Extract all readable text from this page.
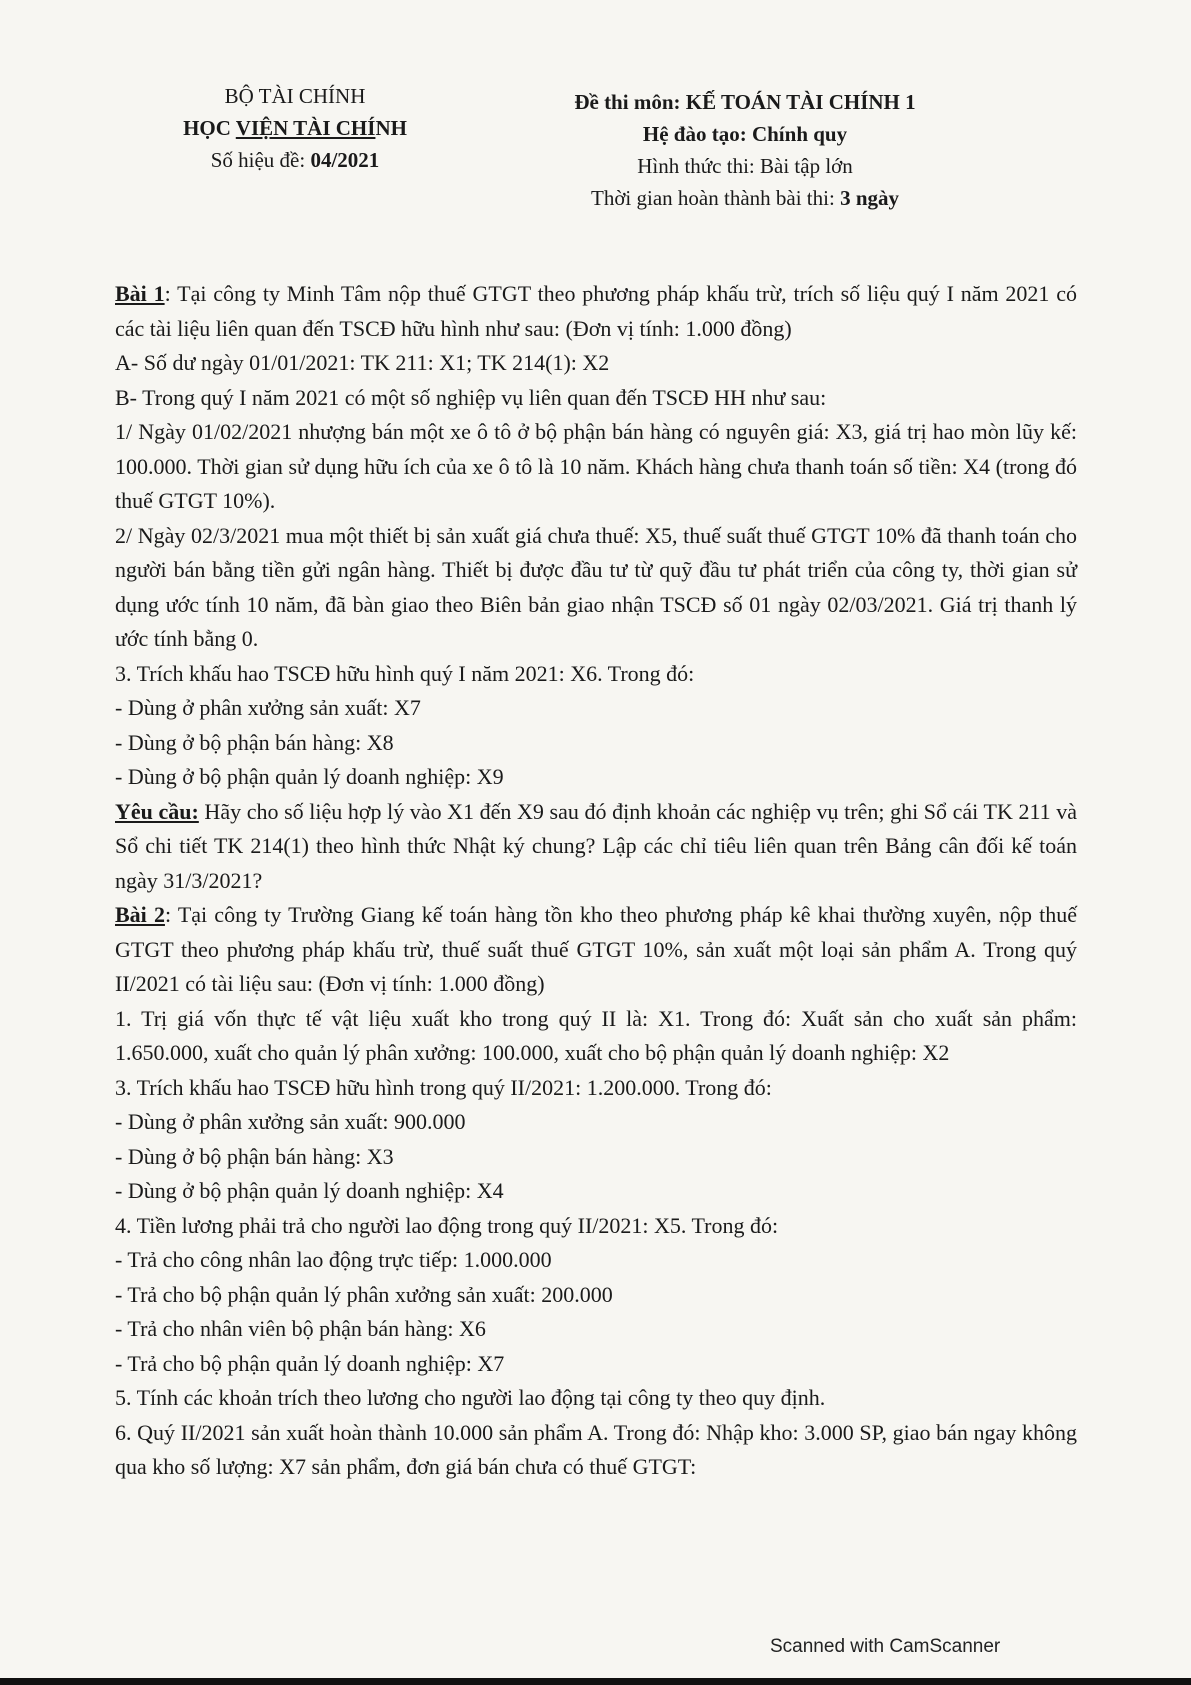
BỘ TÀI CHÍNH
HỌC VIỆN TÀI CHÍNH
Số hiệu đề: 04/2021
Đề thi môn: KẾ TOÁN TÀI CHÍNH 1
Hệ đào tạo: Chính quy
Hình thức thi: Bài tập lớn
Thời gian hoàn thành bài thi: 3 ngày

Bài 1: Tại công ty Minh Tâm nộp thuế GTGT theo phương pháp khấu trừ, trích số liệu quý I năm 2021 có các tài liệu liên quan đến TSCĐ hữu hình như sau: (Đơn vị tính: 1.000 đồng)

A- Số dư ngày 01/01/2021: TK 211: X1; TK 214(1): X2

B- Trong quý I năm 2021 có một số nghiệp vụ liên quan đến TSCĐ HH như sau:

1/ Ngày 01/02/2021 nhượng bán một xe ô tô ở bộ phận bán hàng có nguyên giá: X3, giá trị hao mòn lũy kế: 100.000. Thời gian sử dụng hữu ích của xe ô tô là 10 năm. Khách hàng chưa thanh toán số tiền: X4 (trong đó thuế GTGT 10%).

2/ Ngày 02/3/2021 mua một thiết bị sản xuất giá chưa thuế: X5, thuế suất thuế GTGT 10% đã thanh toán cho người bán bằng tiền gửi ngân hàng. Thiết bị được đầu tư từ quỹ đầu tư phát triển của công ty, thời gian sử dụng ước tính 10 năm, đã bàn giao theo Biên bản giao nhận TSCĐ số 01 ngày 02/03/2021. Giá trị thanh lý ước tính bằng 0.

3. Trích khấu hao TSCĐ hữu hình quý I năm 2021: X6. Trong đó:

- Dùng ở phân xưởng sản xuất: X7

- Dùng ở bộ phận bán hàng: X8

- Dùng ở bộ phận quản lý doanh nghiệp: X9

Yêu cầu: Hãy cho số liệu hợp lý vào X1 đến X9 sau đó định khoản các nghiệp vụ trên; ghi Sổ cái TK 211 và Sổ chi tiết TK 214(1) theo hình thức Nhật ký chung? Lập các chỉ tiêu liên quan trên Bảng cân đối kế toán ngày 31/3/2021?

Bài 2: Tại công ty Trường Giang kế toán hàng tồn kho theo phương pháp kê khai thường xuyên, nộp thuế GTGT theo phương pháp khấu trừ, thuế suất thuế GTGT 10%, sản xuất một loại sản phẩm A. Trong quý II/2021 có tài liệu sau: (Đơn vị tính: 1.000 đồng)

1. Trị giá vốn thực tế vật liệu xuất kho trong quý II là: X1. Trong đó: Xuất sản cho xuất sản phẩm: 1.650.000, xuất cho quản lý phân xưởng: 100.000, xuất cho bộ phận quản lý doanh nghiệp: X2

3. Trích khấu hao TSCĐ hữu hình trong quý II/2021: 1.200.000. Trong đó:

- Dùng ở phân xưởng sản xuất: 900.000

- Dùng ở bộ phận bán hàng: X3

- Dùng ở bộ phận quản lý doanh nghiệp: X4

4. Tiền lương phải trả cho người lao động trong quý II/2021: X5. Trong đó:

- Trả cho công nhân lao động trực tiếp: 1.000.000

- Trả cho bộ phận quản lý phân xưởng sản xuất: 200.000

- Trả cho nhân viên bộ phận bán hàng: X6

- Trả cho bộ phận quản lý doanh nghiệp: X7

5. Tính các khoản trích theo lương cho người lao động tại công ty theo quy định.

6. Quý II/2021 sản xuất hoàn thành 10.000 sản phẩm A. Trong đó: Nhập kho: 3.000 SP, giao bán ngay không qua kho số lượng: X7 sản phẩm, đơn giá bán chưa có thuế GTGT:

Scanned with CamScanner
